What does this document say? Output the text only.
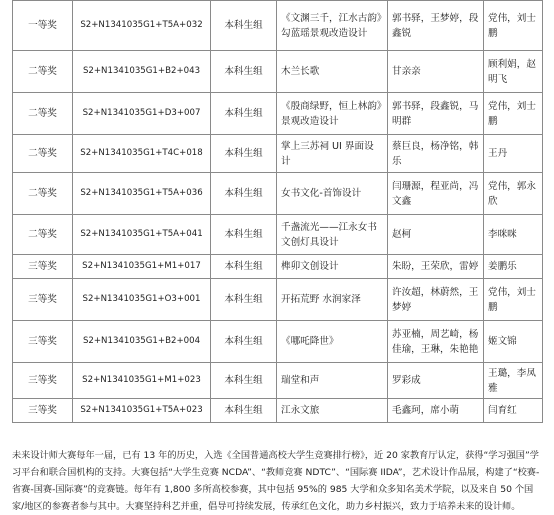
一等奖	S2+N1341035G1+T5A+032	本科生组	《文渊三千，江水古韵》勾蓝瑶景观改造设计	郭书驿，王梦婷，段鑫锐	党伟，刘士鹏
二等奖	S2+N1341035G1+B2+043	本科生组	木兰长歌	甘亲亲	顾利娟，赵明飞
二等奖	S2+N1341035G1+D3+007	本科生组	《殷商绿野，恒上林韵》景观改造设计	郭书驿，段鑫锐，马明群	党伟，刘士鹏
二等奖	S2+N1341035G1+T4C+018	本科生组	掌上三苏祠 UI 界面设计	蔡巨良，杨净铭，韩乐	王丹
二等奖	S2+N1341035G1+T5A+036	本科生组	女书文化-首饰设计	闫珊源，程亚尚，冯文鑫	党伟，郭永欣
二等奖	S2+N1341035G1+T5A+041	本科生组	千盏流光——江永女书文创灯具设计	赵柯	李咪咪
三等奖	S2+N1341035G1+M1+017	本科生组	榫卯文创设计	朱盼，王荣欣，雷婷	姜鹏乐
三等奖	S2+N1341035G1+O3+001	本科生组	开拓荒野 水润家泽	许汝超，林蔚然，王梦婷	党伟，刘士鹏
三等奖	S2+N1341035G1+B2+004	本科生组	《哪吒降世》	苏亚楠，周艺崎，杨佳瑜，王琳，朱艳艳	姬文锦
三等奖	S2+N1341035G1+M1+023	本科生组	瑞堂和声	罗彩成	王璐，李凤雅
三等奖	S2+N1341035G1+T5A+023	本科生组	江永文旅	毛鑫珂，席小萌	闫育红

未来设计师大赛每年一届，已有 13 年的历史，入选《全国普通高校大学生竞赛排行榜》，近 20 家教育厅认定，获得“学习强国”学习平台和联合国机构的支持。大赛包括“大学生竞赛 NCDA”、“教师竞赛 NDTC”、“国际赛 IIDA”，艺术设计作品展，构建了“校赛-省赛-国赛-国际赛”的竞赛链。每年有 1,800 多所高校参赛，其中包括 95%的 985 大学和众多知名美术学院，以及来自 50 个国家/地区的参赛者参与其中。大赛坚持科艺并重，倡导可持续发展，传承红色文化，助力乡村振兴，致力于培养未来的设计师。
